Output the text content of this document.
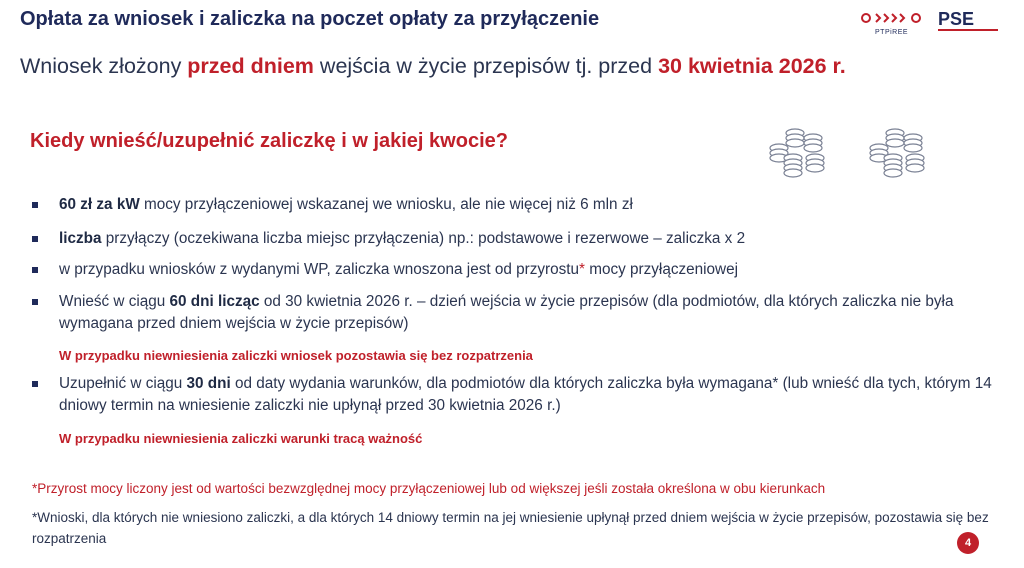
Opłata za wniosek i zaliczka na poczet opłaty za przyłączenie	PSE
PTPiREE
Wniosek złożony przed dniem wejścia w życie przepisów tj. przed 30 kwietnia 2026 r.
Kiedy wnieść/uzupełnić zaliczkę i w jakiej kwocie?
60 zł za kW mocy przyłączeniowej wskazanej we wniosku, ale nie więcej niż 6 mln zł
liczba przyłączy (oczekiwana liczba miejsc przyłączenia) np.: podstawowe i rezerwowe – zaliczka x 2
w przypadku wniosków z wydanymi WP, zaliczka wnoszona jest od przyrostu* mocy przyłączeniowej
Wnieść w ciągu 60 dni licząc od 30 kwietnia 2026 r. – dzień wejścia w życie przepisów (dla podmiotów, dla których zaliczka nie była wymagana przed dniem wejścia w życie przepisów)
W przypadku niewniesienia zaliczki wniosek pozostawia się bez rozpatrzenia
Uzupełnić w ciągu 30 dni od daty wydania warunków, dla podmiotów dla których zaliczka była wymagana* (lub wnieść dla tych, którym 14 dniowy termin na wniesienie zaliczki nie upłynął przed 30 kwietnia 2026 r.)
W przypadku niewniesienia zaliczki warunki tracą ważność
*Przyrost mocy liczony jest od wartości bezwzględnej mocy przyłączeniowej lub od większej jeśli została określona w obu kierunkach
*Wnioski, dla których nie wniesiono zaliczki, a dla których 14 dniowy termin na jej wniesienie upłynął przed dniem wejścia w życie przepisów, pozostawia się bez rozpatrzenia	4
